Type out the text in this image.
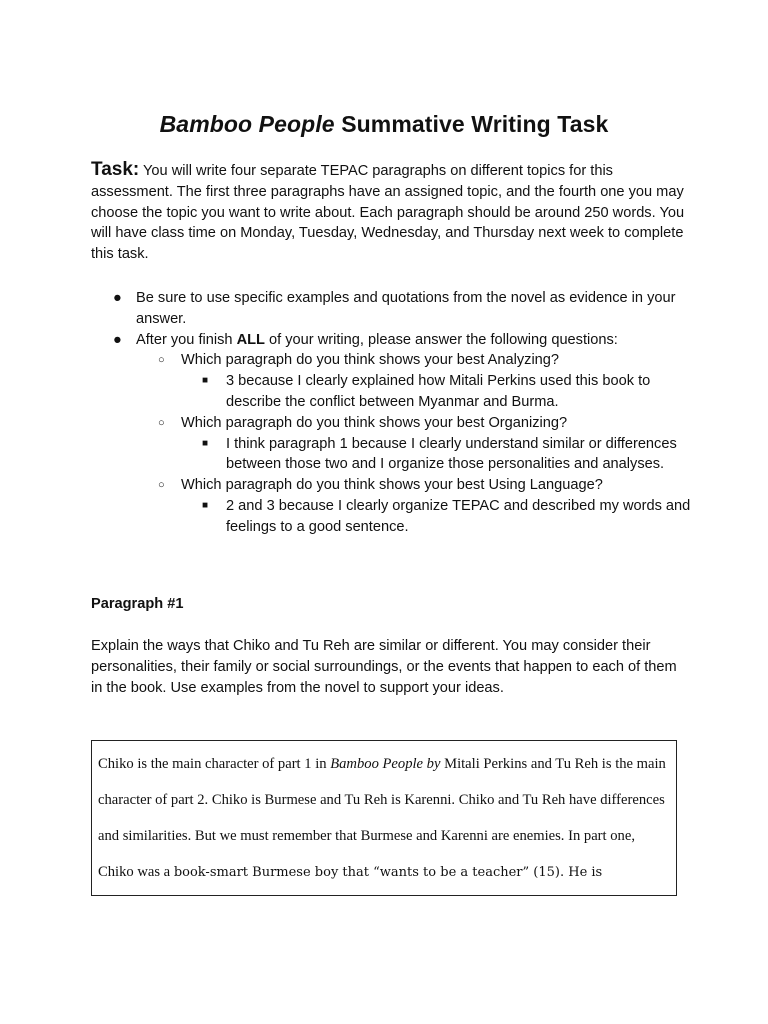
Bamboo People Summative Writing Task
Task: You will write four separate TEPAC paragraphs on different topics for this assessment. The first three paragraphs have an assigned topic, and the fourth one you may choose the topic you want to write about. Each paragraph should be around 250 words. You will have class time on Monday, Tuesday, Wednesday, and Thursday next week to complete this task.
● Be sure to use specific examples and quotations from the novel as evidence in your answer.
● After you finish ALL of your writing, please answer the following questions:
○ Which paragraph do you think shows your best Analyzing?
■ 3 because I clearly explained how Mitali Perkins used this book to describe the conflict between Myanmar and Burma.
○ Which paragraph do you think shows your best Organizing?
■ I think paragraph 1 because I clearly understand similar or differences between those two and I organize those personalities and analyses.
○ Which paragraph do you think shows your best Using Language?
■ 2 and 3 because I clearly organize TEPAC and described my words and feelings to a good sentence.
Paragraph #1
Explain the ways that Chiko and Tu Reh are similar or different. You may consider their personalities, their family or social surroundings, or the events that happen to each of them in the book. Use examples from the novel to support your ideas.
Chiko is the main character of part 1 in Bamboo People by Mitali Perkins and Tu Reh is the main character of part 2. Chiko is Burmese and Tu Reh is Karenni. Chiko and Tu Reh have differences and similarities. But we must remember that Burmese and Karenni are enemies. In part one, Chiko was a book-smart Burmese boy that “wants to be a teacher” (15). He is
